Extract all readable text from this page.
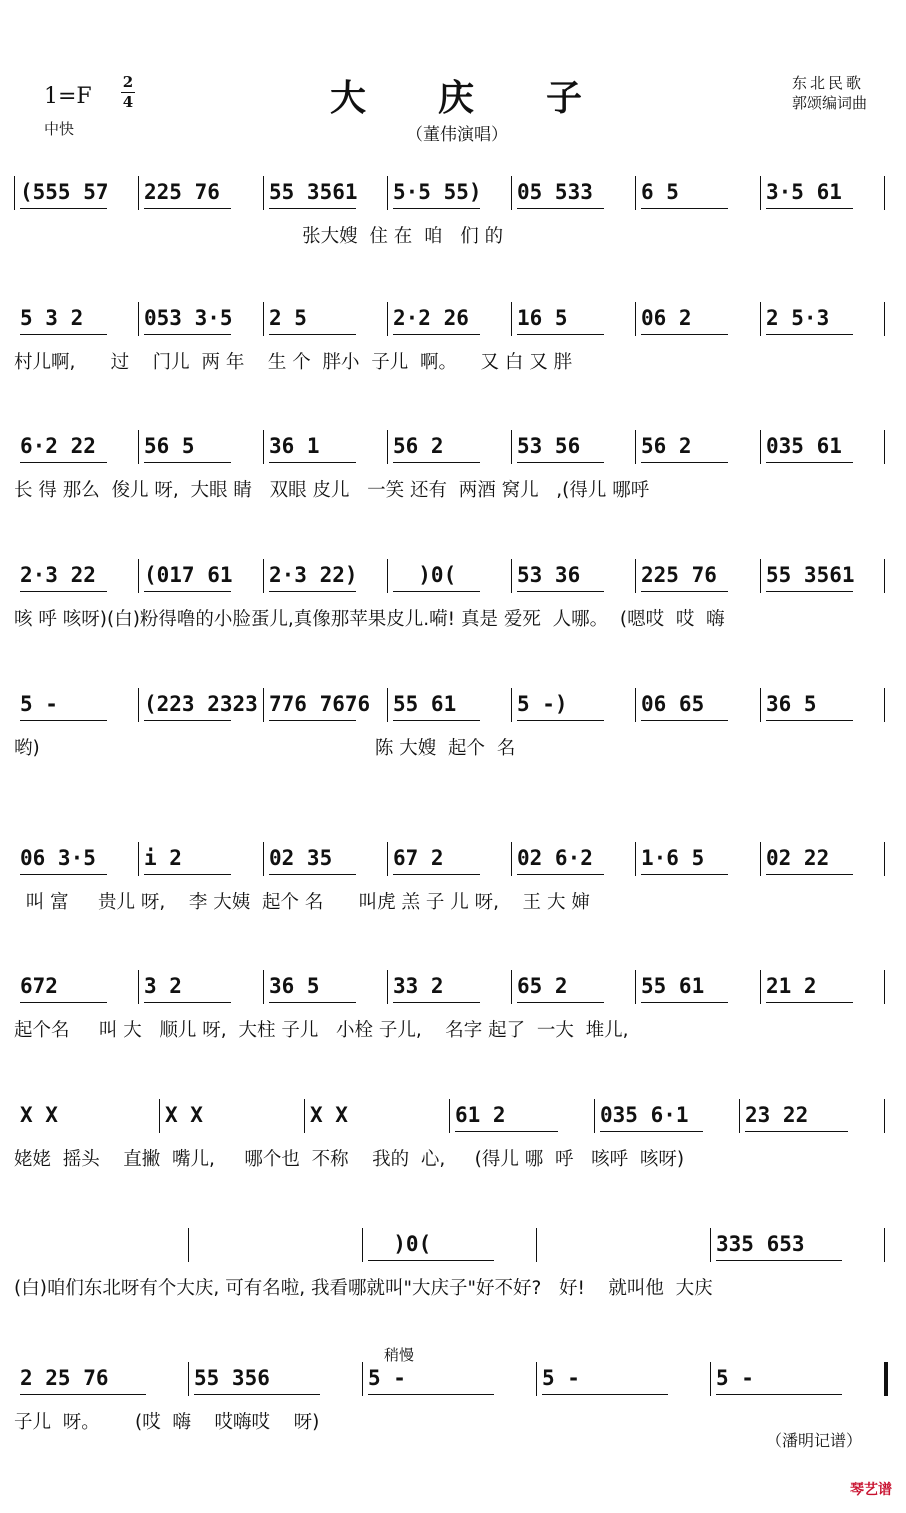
1=F
2
4
中快
大庆子
（董伟演唱）
东北民歌
郭颂编词曲
(555 57	225 76	55 3561	5·5 55)	05 533	6 5	3·5 61
张大嫂  住 在  咱   们 的
5 3 2	053 3·5	2 5	2·2 26	16 5	06 2	2 5·3
村儿啊,      过    门儿  两 年    生 个  胖小  子儿  啊。    又 白 又 胖
6·2 22	56 5	36 1	56 2	53 56	56 2	035 61
长 得 那么  俊儿 呀,  大眼 睛   双眼 皮儿   一笑 还有  两酒 窝儿   ,(得儿 哪呼
2·3 22	(017 61	2·3 22)	)0(	53 36	225 76	55 3561
咳 呼 咳呀)(白)粉得噜的小脸蛋儿,真像那苹果皮儿.嗬! 真是 爱死  人哪。  (嗯哎  哎  嗨
5 -	(223 2323 776 7676	55 61	5 -)	06 65	36 5
哟)                                                         陈 大嫂  起个  名
06 3·5	i 2	02 35	67 2	02 6·2	1·6 5	02 22
叫 富     贵儿 呀,    李 大姨  起个 名      叫虎 羔 子 儿 呀,    王 大 婶
672	3 2	36 5	33 2	65 2	55 61	21 2
起个名     叫 大   顺儿 呀,  大柱 子儿   小栓 子儿,    名字 起了  一大  堆儿,
X X	X X	X X	61 2	035 6·1	23 22
姥姥  摇头    直撇  嘴儿,     哪个也  不称    我的  心,     (得儿 哪  呼   咳呼  咳呀)
)0(	335 653
(白)咱们东北呀有个大庆, 可有名啦, 我看哪就叫"大庆子"好不好?   好!    就叫他  大庆
2 25 76	55 356	5 -	5 -	5 -
子儿  呀。      (哎  嗨    哎嗨哎    呀)
稍慢
（潘明记谱）
琴艺谱
